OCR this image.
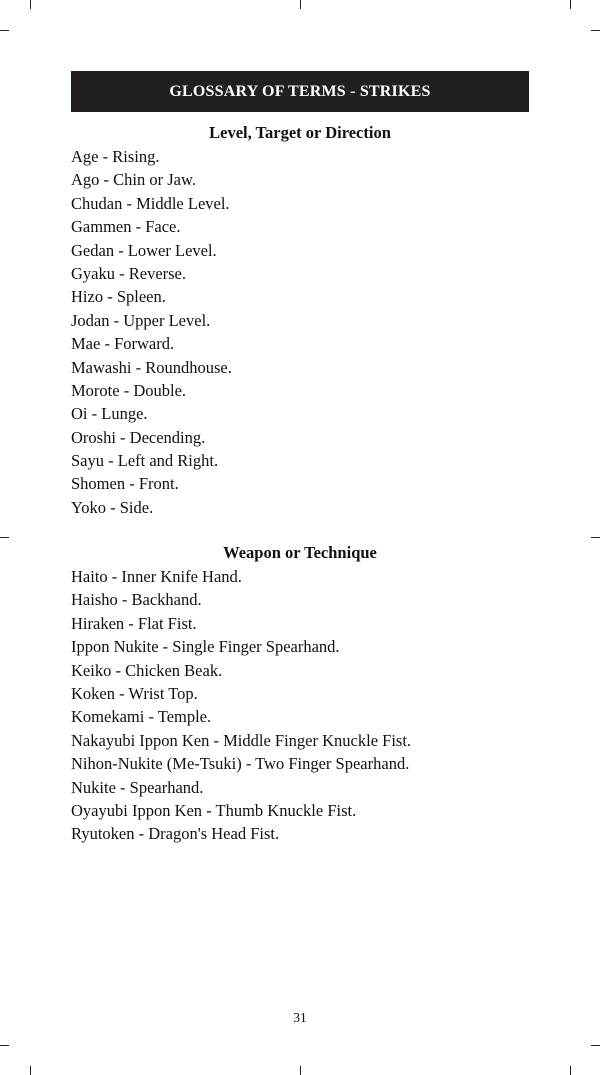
GLOSSARY OF TERMS - STRIKES
Level, Target or Direction
Age - Rising.
Ago - Chin or Jaw.
Chudan - Middle Level.
Gammen - Face.
Gedan - Lower Level.
Gyaku - Reverse.
Hizo - Spleen.
Jodan - Upper Level.
Mae - Forward.
Mawashi - Roundhouse.
Morote - Double.
Oi - Lunge.
Oroshi - Decending.
Sayu - Left and Right.
Shomen - Front.
Yoko - Side.
Weapon or Technique
Haito - Inner Knife Hand.
Haisho - Backhand.
Hiraken - Flat Fist.
Ippon Nukite - Single Finger Spearhand.
Keiko - Chicken Beak.
Koken - Wrist Top.
Komekami - Temple.
Nakayubi Ippon Ken - Middle Finger Knuckle Fist.
Nihon-Nukite (Me-Tsuki) - Two Finger Spearhand.
Nukite - Spearhand.
Oyayubi Ippon Ken - Thumb Knuckle Fist.
Ryutoken - Dragon's Head Fist.
31
